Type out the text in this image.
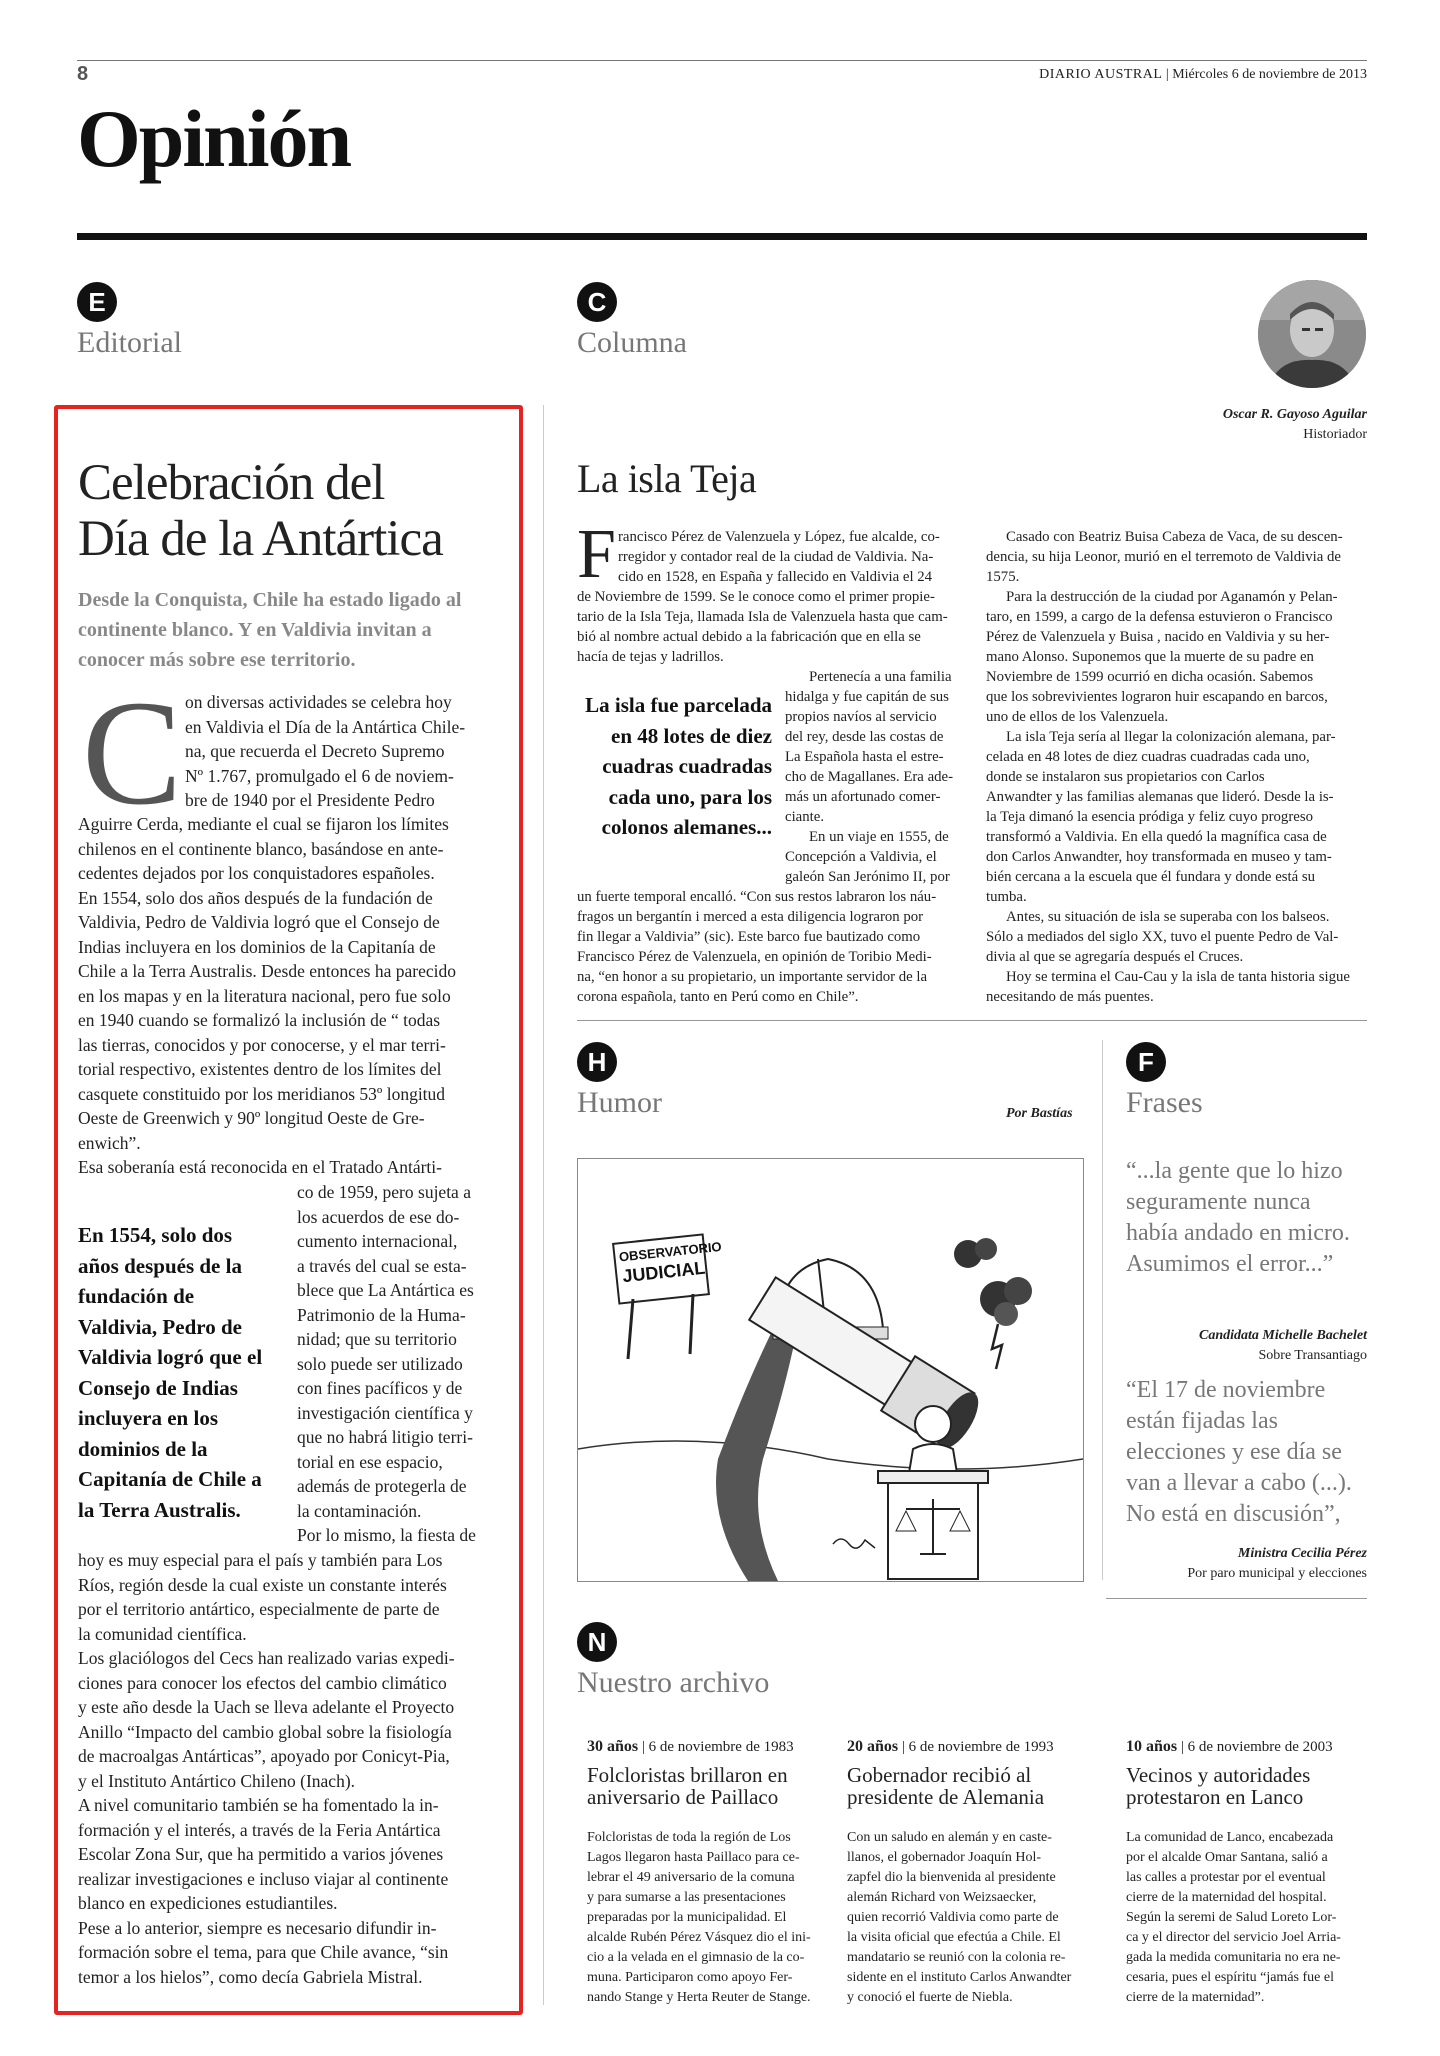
8	DIARIO AUSTRAL | Miércoles 6 de noviembre de 2013
Opinión
E
Editorial
Celebración del
Día de la Antártica
Desde la Conquista, Chile ha estado ligado al continente blanco. Y en Valdivia invitan a conocer más sobre ese territorio.
C on diversas actividades se celebra hoy
en Valdivia el Día de la Antártica Chile-
na, que recuerda el Decreto Supremo
Nº 1.767, promulgado el 6 de noviem-
bre de 1940 por el Presidente Pedro
Aguirre Cerda, mediante el cual se fijaron los límites
chilenos en el continente blanco, basándose en ante-
cedentes dejados por los conquistadores españoles.
En 1554, solo dos años después de la fundación de
Valdivia, Pedro de Valdivia logró que el Consejo de
Indias incluyera en los dominios de la Capitanía de
Chile a la Terra Australis. Desde entonces ha parecido
en los mapas y en la literatura nacional, pero fue solo
en 1940 cuando se formalizó la inclusión de “ todas
las tierras, conocidos y por conocerse, y el mar terri-
torial respectivo, existentes dentro de los límites del
casquete constituido por los meridianos 53º longitud
Oeste de Greenwich y 90º longitud Oeste de Gre-
enwich”.
Esa soberanía está reconocida en el Tratado Antárti-
En 1554, solo dos años después de la fundación de Valdivia, Pedro de Valdivia logró que el Consejo de Indias incluyera en los dominios de la Capitanía de Chile a la Terra Australis.
co de 1959, pero sujeta a
los acuerdos de ese do-
cumento internacional,
a través del cual se esta-
blece que La Antártica es
Patrimonio de la Huma-
nidad; que su territorio
solo puede ser utilizado
con fines pacíficos y de
investigación científica y
que no habrá litigio terri-
torial en ese espacio,
además de protegerla de
la contaminación.
Por lo mismo, la fiesta de
hoy es muy especial para el país y también para Los
Ríos, región desde la cual existe un constante interés
por el territorio antártico, especialmente de parte de
la comunidad científica.
Los glaciólogos del Cecs han realizado varias expedi-
ciones para conocer los efectos del cambio climático
y este año desde la Uach se lleva adelante el Proyecto
Anillo “Impacto del cambio global sobre la fisiología
de macroalgas Antárticas”, apoyado por Conicyt-Pia,
y el Instituto Antártico Chileno (Inach).
A nivel comunitario también se ha fomentado la in-
formación y el interés, a través de la Feria Antártica
Escolar Zona Sur, que ha permitido a varios jóvenes
realizar investigaciones e incluso viajar al continente
blanco en expediciones estudiantiles.
Pese a lo anterior, siempre es necesario difundir in-
formación sobre el tema, para que Chile avance, “sin
temor a los hielos”, como decía Gabriela Mistral.
C
Columna
Oscar R. Gayoso Aguilar
Historiador
La isla Teja
F rancisco Pérez de Valenzuela y López, fue alcalde, co-
rregidor y contador real de la ciudad de Valdivia. Na-
cido en 1528, en España y fallecido en Valdivia el 24
de Noviembre de 1599. Se le conoce como el primer propie-
tario de la Isla Teja, llamada Isla de Valenzuela hasta que cam-
bió al nombre actual debido a la fabricación que en ella se
hacía de tejas y ladrillos.
La isla fue parcelada en 48 lotes de diez cuadras cuadradas cada uno, para los colonos alemanes...
Pertenecía a una familia
hidalga y fue capitán de sus
propios navíos al servicio
del rey, desde las costas de
La Española hasta el estre-
cho de Magallanes. Era ade-
más un afortunado comer-
ciante.
En un viaje en 1555, de
Concepción a Valdivia, el
galeón San Jerónimo II, por
un fuerte temporal encalló. “Con sus restos labraron los náu-
fragos un bergantín i merced a esta diligencia lograron por
fin llegar a Valdivia” (sic). Este barco fue bautizado como
Francisco Pérez de Valenzuela, en opinión de Toribio Medi-
na, “en honor a su propietario, un importante servidor de la
corona española, tanto en Perú como en Chile”.
Casado con Beatriz Buisa Cabeza de Vaca, de su descen-
dencia, su hija Leonor, murió en el terremoto de Valdivia de
1575.
Para la destrucción de la ciudad por Aganamón y Pelan-
taro, en 1599, a cargo de la defensa estuvieron o Francisco
Pérez de Valenzuela y Buisa , nacido en Valdivia y su her-
mano Alonso. Suponemos que la muerte de su padre en
Noviembre de 1599 ocurrió en dicha ocasión. Sabemos
que los sobrevivientes lograron huir escapando en barcos,
uno de ellos de los Valenzuela.
La isla Teja sería al llegar la colonización alemana, par-
celada en 48 lotes de diez cuadras cuadradas cada uno,
donde se instalaron sus propietarios con Carlos
Anwandter y las familias alemanas que lideró. Desde la is-
la Teja dimanó la esencia pródiga y feliz cuyo progreso
transformó a Valdivia. En ella quedó la magnífica casa de
don Carlos Anwandter, hoy transformada en museo y tam-
bién cercana a la escuela que él fundara y donde está su
tumba.
Antes, su situación de isla se superaba con los balseos.
Sólo a mediados del siglo XX, tuvo el puente Pedro de Val-
divia al que se agregaría después el Cruces.
Hoy se termina el Cau-Cau y la isla de tanta historia sigue
necesitando de más puentes.
H
Humor	Por Bastías
OBSERVATORIO
JUDICIAL
F
Frases
“...la gente que lo hizo seguramente nunca había andado en micro. Asumimos el error...”
Candidata Michelle Bachelet
Sobre Transantiago
“El 17 de noviembre están fijadas las elecciones y ese día se van a llevar a cabo (...). No está en discusión”,
Ministra Cecilia Pérez
Por paro municipal y elecciones
N
Nuestro archivo
30 años | 6 de noviembre de 1983
Folcloristas brillaron en aniversario de Paillaco
Folcloristas de toda la región de Los
Lagos llegaron hasta Paillaco para ce-
lebrar el 49 aniversario de la comuna
y para sumarse a las presentaciones
preparadas por la municipalidad. El
alcalde Rubén Pérez Vásquez dio el ini-
cio a la velada en el gimnasio de la co-
muna. Participaron como apoyo Fer-
nando Stange y Herta Reuter de Stange.
20 años | 6 de noviembre de 1993
Gobernador recibió al presidente de Alemania
Con un saludo en alemán y en caste-
llanos, el gobernador Joaquín Hol-
zapfel dio la bienvenida al presidente
alemán Richard von Weizsaecker,
quien recorrió Valdivia como parte de
la visita oficial que efectúa a Chile. El
mandatario se reunió con la colonia re-
sidente en el instituto Carlos Anwandter
y conoció el fuerte de Niebla.
10 años | 6 de noviembre de 2003
Vecinos y autoridades protestaron en Lanco
La comunidad de Lanco, encabezada
por el alcalde Omar Santana, salió a
las calles a protestar por el eventual
cierre de la maternidad del hospital.
Según la seremi de Salud Loreto Lor-
ca y el director del servicio Joel Arria-
gada la medida comunitaria no era ne-
cesaria, pues el espíritu “jamás fue el
cierre de la maternidad”.
